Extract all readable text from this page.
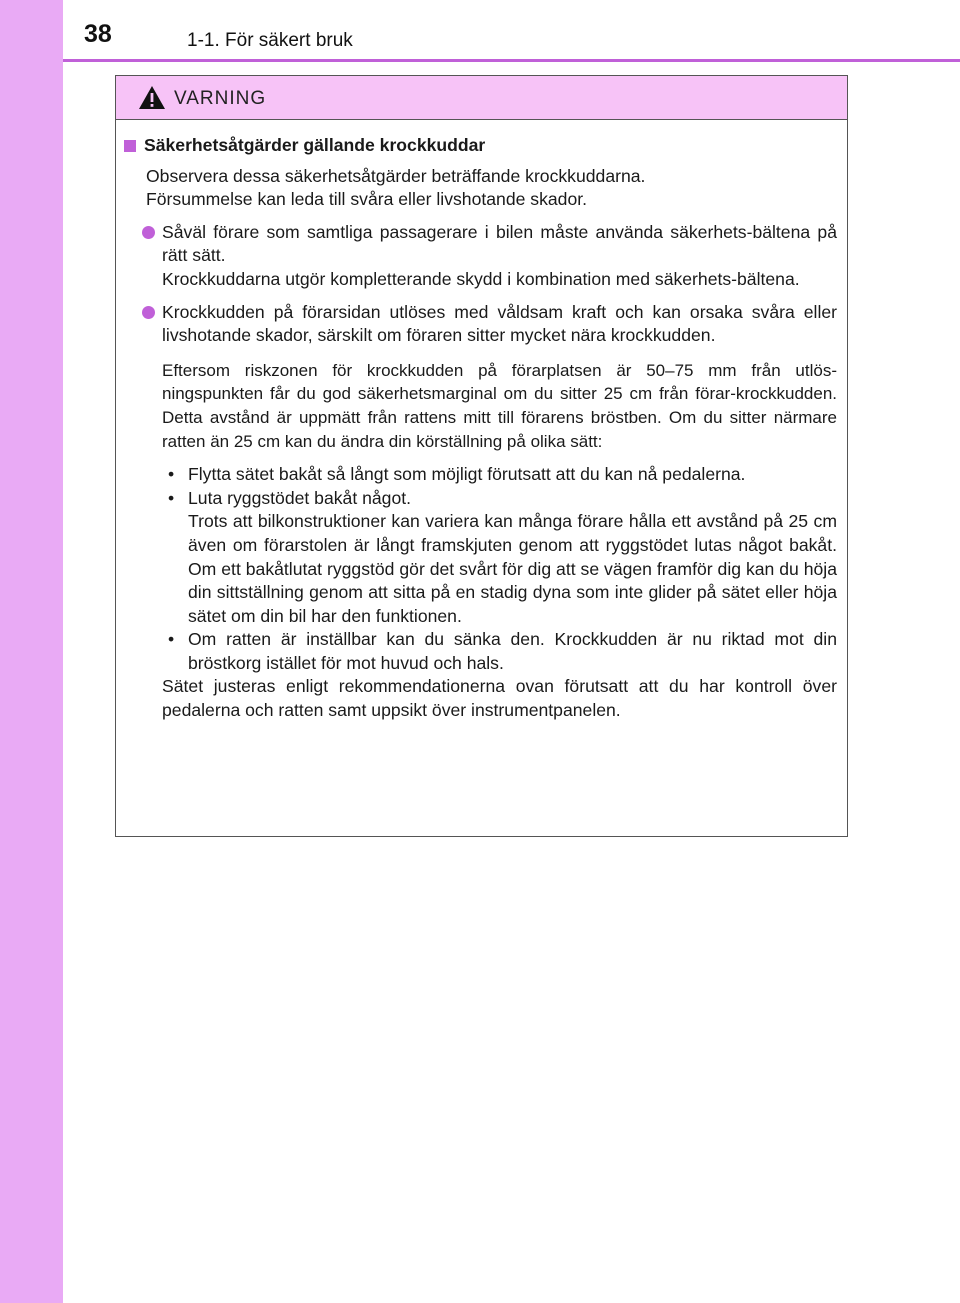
38	1-1. För säkert bruk
VARNING
Säkerhetsåtgärder gällande krockkuddar

Observera dessa säkerhetsåtgärder beträffande krockkuddarna.

Försummelse kan leda till svåra eller livshotande skador.

Såväl förare som samtliga passagerare i bilen måste använda säkerhets-bältena på rätt sätt.

Krockkuddarna utgör kompletterande skydd i kombination med säkerhets-bältena.

Krockkudden på förarsidan utlöses med våldsam kraft och kan orsaka svåra eller livshotande skador, särskilt om föraren sitter mycket nära krockkudden.

Eftersom riskzonen för krockkudden på förarplatsen är 50–75 mm från utlös-ningspunkten får du god säkerhetsmarginal om du sitter 25 cm från förar-krockkudden. Detta avstånd är uppmätt från rattens mitt till förarens bröstben. Om du sitter närmare ratten än 25 cm kan du ändra din körställning på olika sätt:

• Flytta sätet bakåt så långt som möjligt förutsatt att du kan nå pedalerna.

• Luta ryggstödet bakåt något.

Trots att bilkonstruktioner kan variera kan många förare hålla ett avstånd på 25 cm även om förarstolen är långt framskjuten genom att ryggstödet lutas något bakåt. Om ett bakåtlutat ryggstöd gör det svårt för dig att se vägen framför dig kan du höja din sittställning genom att sitta på en stadig dyna som inte glider på sätet eller höja sätet om din bil har den funktionen.

• Om ratten är inställbar kan du sänka den. Krockkudden är nu riktad mot din bröstkorg istället för mot huvud och hals.

Sätet justeras enligt rekommendationerna ovan förutsatt att du har kontroll över pedalerna och ratten samt uppsikt över instrumentpanelen.
